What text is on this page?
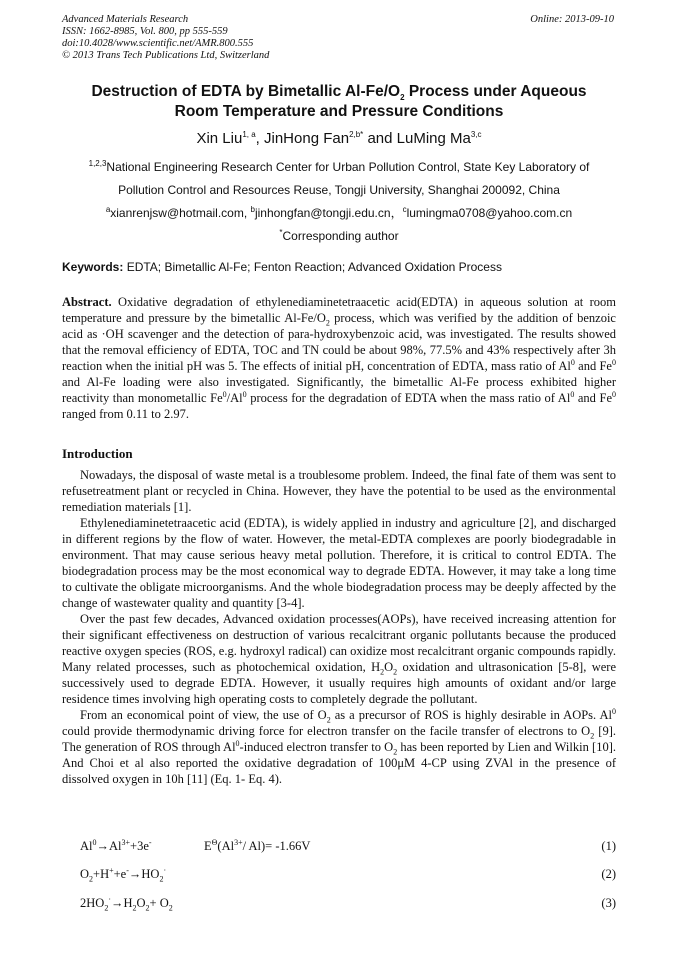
Advanced Materials Research
ISSN: 1662-8985, Vol. 800, pp 555-559
doi:10.4028/www.scientific.net/AMR.800.555
© 2013 Trans Tech Publications Ltd, Switzerland
Online: 2013-09-10
Destruction of EDTA by Bimetallic $Al-Fe/O_2$ Process under Aqueous
Room Temperature and Pressure Conditions
Xin Liu$^{1, a}$, JinHong Fan$^{2,b*}$ and LuMing Ma$^{3,c}$
$^{1,2,3}$National Engineering Research Center for Urban Pollution Control, State Key Laboratory of
Pollution Control and Resources Reuse, Tongji University, Shanghai 200092, China
$^a$xianrenjsw@hotmail.com, $^b$jinhongfan@tongji.edu.cn，$^c$lumingma0708@yahoo.com.cn
*Corresponding author
Keywords: EDTA; Bimetallic Al-Fe; Fenton Reaction; Advanced Oxidation Process
Abstract. Oxidative degradation of ethylenediaminetetraacetic acid(EDTA) in aqueous solution at room temperature and pressure by the bimetallic $Al-Fe/O_2$ process, which was verified by the addition of benzoic acid as ·OH scavenger and the detection of para-hydroxybenzoic acid, was investigated. The results showed that the removal efficiency of EDTA, TOC and TN could be about 98%, 77.5% and 43% respectively after 3h reaction when the initial pH was 5. The effects of initial pH, concentration of EDTA, mass ratio of Al$^0$ and Fe$^0$ and Al-Fe loading were also investigated. Significantly, the bimetallic Al-Fe process exhibited higher reactivity than monometallic Fe$^0$/Al$^0$ process for the degradation of EDTA when the mass ratio of Al$^0$ and Fe$^0$ ranged from 0.11 to 2.97.
Introduction

Nowadays, the disposal of waste metal is a troublesome problem. Indeed, the final fate of them was sent to refusetreatment plant or recycled in China. However, they have the potential to be used as the environmental remediation materials [1].

Ethylenediaminetetraacetic acid (EDTA), is widely applied in industry and agriculture [2], and discharged in different regions by the flow of water. However, the metal-EDTA complexes are poorly biodegradable in environment. That may cause serious heavy metal pollution. Therefore, it is critical to control EDTA. The biodegradation process may be the most economical way to degrade EDTA. However, it may take a long time to cultivate the obligate microorganisms. And the whole biodegradation process may be deeply affected by the change of wastewater quality and quantity [3-4].

Over the past few decades, Advanced oxidation processes(AOPs), have received increasing attention for their significant effectiveness on destruction of various recalcitrant organic pollutants because the produced reactive oxygen species (ROS, e.g. hydroxyl radical) can oxidize most recalcitrant organic compounds rapidly. Many related processes, such as photochemical oxidation, $H_2O_2$ oxidation and ultrasonication [5-8], were successively used to degrade EDTA. However, it usually requires high amounts of oxidant and/or large residence times involving high operating costs to completely degrade the pollutant.

From an economical point of view, the use of $O_2$ as a precursor of ROS is highly desirable in AOPs. Al$^0$ could provide thermodynamic driving force for electron transfer on the facile transfer of electrons to $O_2$ [9]. The generation of ROS through Al$^0$-induced electron transfer to $O_2$ has been reported by Lien and Wilkin [10]. And Choi et al also reported the oxidative degradation of 100μM 4-CP using ZVAl in the presence of dissolved oxygen in 10h [11] (Eq. 1- Eq. 4).

$Al^0\to Al^{3+}+3e^-$	$E^\Theta(Al^{3+}/$ Al)= -1.66V	(1)
$O_2+H^++e^-\to HO_2^\cdot$	(2)
$2HO_2^\cdot\to H_2O_2+ O_2$	(3)
